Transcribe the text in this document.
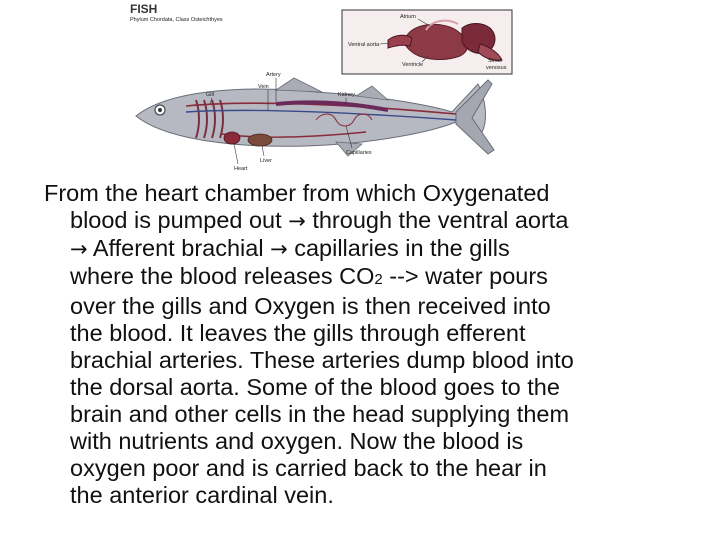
FISH
Phylum Chordata, Class Osteichthyes	Atrium
Ventral aorta
Ventricle
Sinus
venosus
Artery
Vein
Gill	Kidney
Capillaries
Liver
Heart
From the heart chamber from which Oxygenated
blood is pumped out → through the ventral aorta
→ Afferent brachial → capillaries in the gills
where the blood releases CO2 --> water pours
over the gills and Oxygen is then received into
the blood. It leaves the gills through efferent
brachial arteries. These arteries dump blood into
the dorsal aorta. Some of the blood goes to the
brain and other cells in the head supplying them
with nutrients and oxygen. Now the blood is
oxygen poor and is carried back to the hear in
the anterior cardinal vein.
